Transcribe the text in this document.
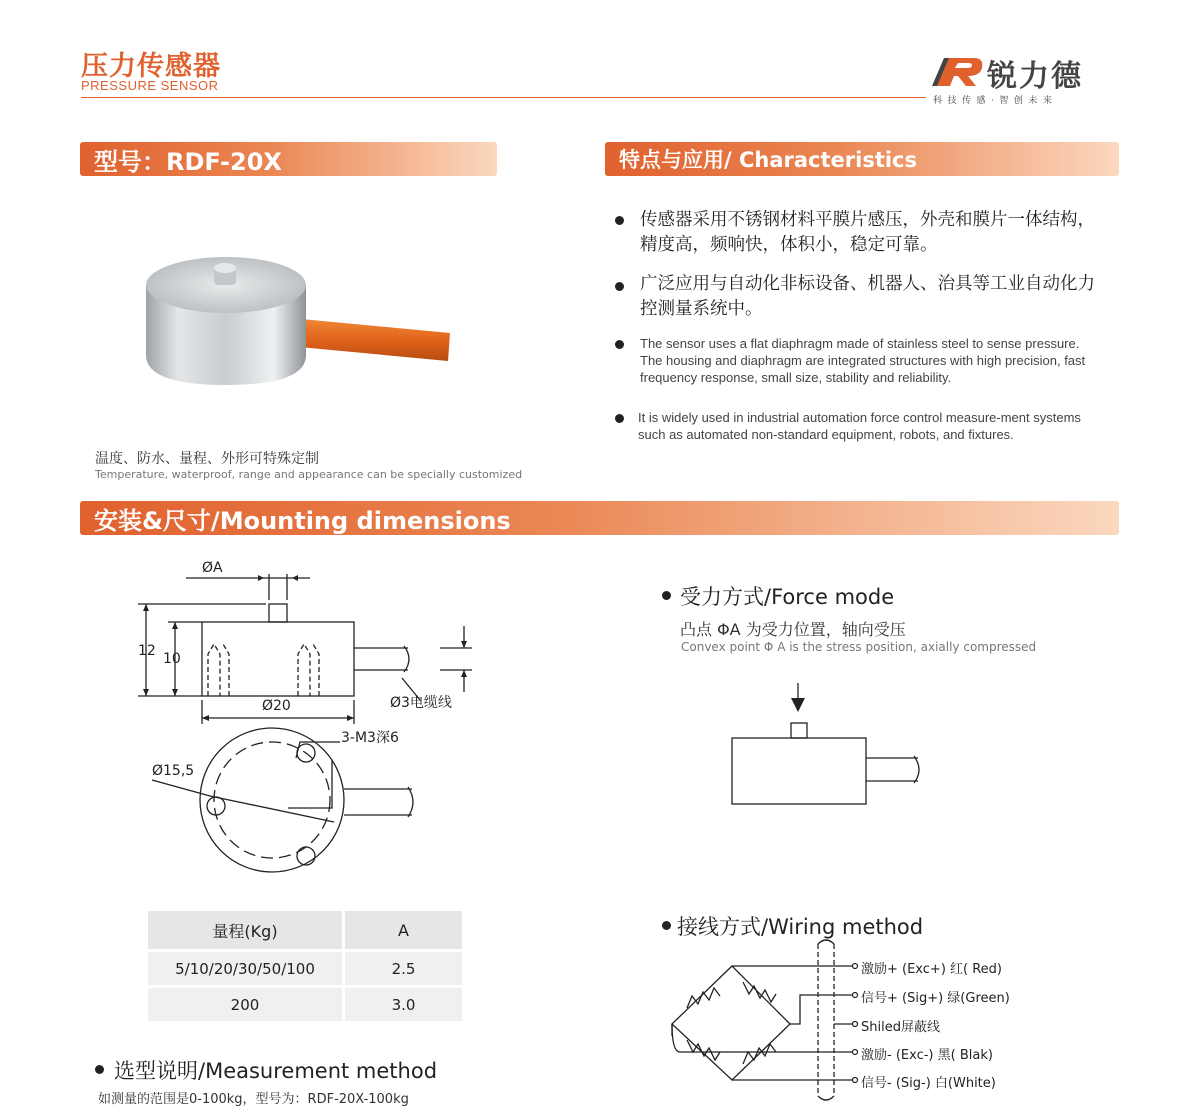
压力传感器
PRESSURE SENSOR	锐力德
科技传感·智创未来
型号：RDF-20X	特点与应用/ Characteristics
温度、防水、量程、外形可特殊定制
Temperature, waterproof, range and appearance can be specially customized
传感器采用不锈钢材料平膜片感压，外壳和膜片一体结构，精度高，频响快，体积小，稳定可靠。
广泛应用与自动化非标设备、机器人、治具等工业自动化力控测量系统中。
The sensor uses a flat diaphragm made of stainless steel to sense pressure. The housing and diaphragm are integrated structures with high precision, fast frequency response, small size, stability and reliability.
It is widely used in industrial automation force control measure-ment systems such as automated non-standard equipment, robots, and fixtures.
安装&尺寸/Mounting dimensions
ØA
12 10
Ø20	Ø3电缆线
3-M3深6
Ø15,5
受力方式/Force mode
凸点 ΦA 为受力位置，轴向受压
Convex point Φ A is the stress position, axially compressed
量程(Kg)	A
5/10/20/30/50/100	2.5
200	3.0
接线方式/Wiring method
激励+ (Exc+) 红( Red)
信号+ (Sig+) 绿(Green)
Shiled屏蔽线
激励- (Exc-) 黑( Blak)
信号- (Sig-) 白(White)
选型说明/Measurement method
如测量的范围是0-100kg，型号为：RDF-20X-100kg
